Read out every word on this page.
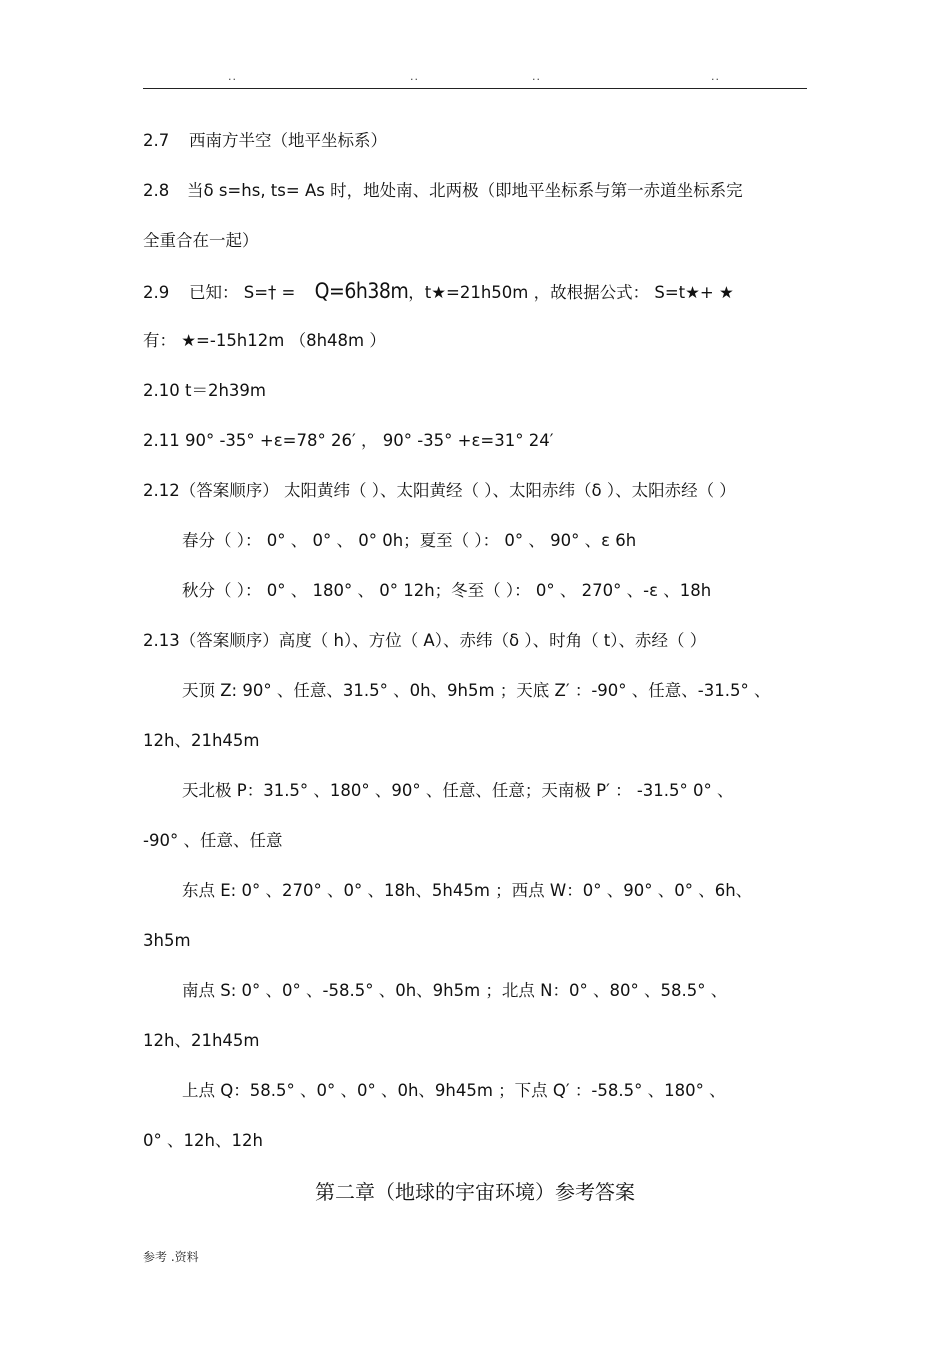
..	..	..	..
2.7 西南方半空（地平坐标系）
2.8 当δ s=hs, ts= As 时，地处南、北两极（即地平坐标系与第一赤道坐标系完
全重合在一起）
2.9 已知： S=† = Q=6h38m，t★=21h50m ，故根据公式： S=t★+ ★
有： ★=-15h12m （8h48m ）
2.10 t＝2h39m
2.11 90° -35° +ε=78° 26′ ， 90° -35° +ε=31° 24′
2.12（答案顺序） 太阳黄纬（ ）、太阳黄经（ ）、太阳赤纬（δ ）、太阳赤经（ ）
春分（ ）： 0° 、 0° 、 0° 0h；夏至（ ）： 0° 、 90° 、ε 6h
秋分（ ）： 0° 、 180° 、 0° 12h；冬至（ ）： 0° 、 270° 、-ε 、18h
2.13（答案顺序）高度（ h）、方位（ A）、赤纬（δ ）、时角（ t）、赤经（ ）
天顶 Z: 90° 、任意、31.5° 、0h、9h5m ；天底 Z′ ：-90° 、任意、-31.5° 、
12h、21h45m
天北极 P：31.5° 、180° 、90° 、任意、任意；天南极 P′ ： -31.5° 0° 、
-90° 、任意、任意
东点 E: 0° 、270° 、0° 、18h、5h45m ；西点 W：0° 、90° 、0° 、6h、
3h5m
南点 S: 0° 、0° 、-58.5° 、0h、9h5m ；北点 N：0° 、80° 、58.5° 、
12h、21h45m
上点 Q：58.5° 、0° 、0° 、0h、9h45m ；下点 Q′ ：-58.5° 、180° 、
0° 、12h、12h
第二章（地球的宇宙环境）参考答案
参考 .资料
